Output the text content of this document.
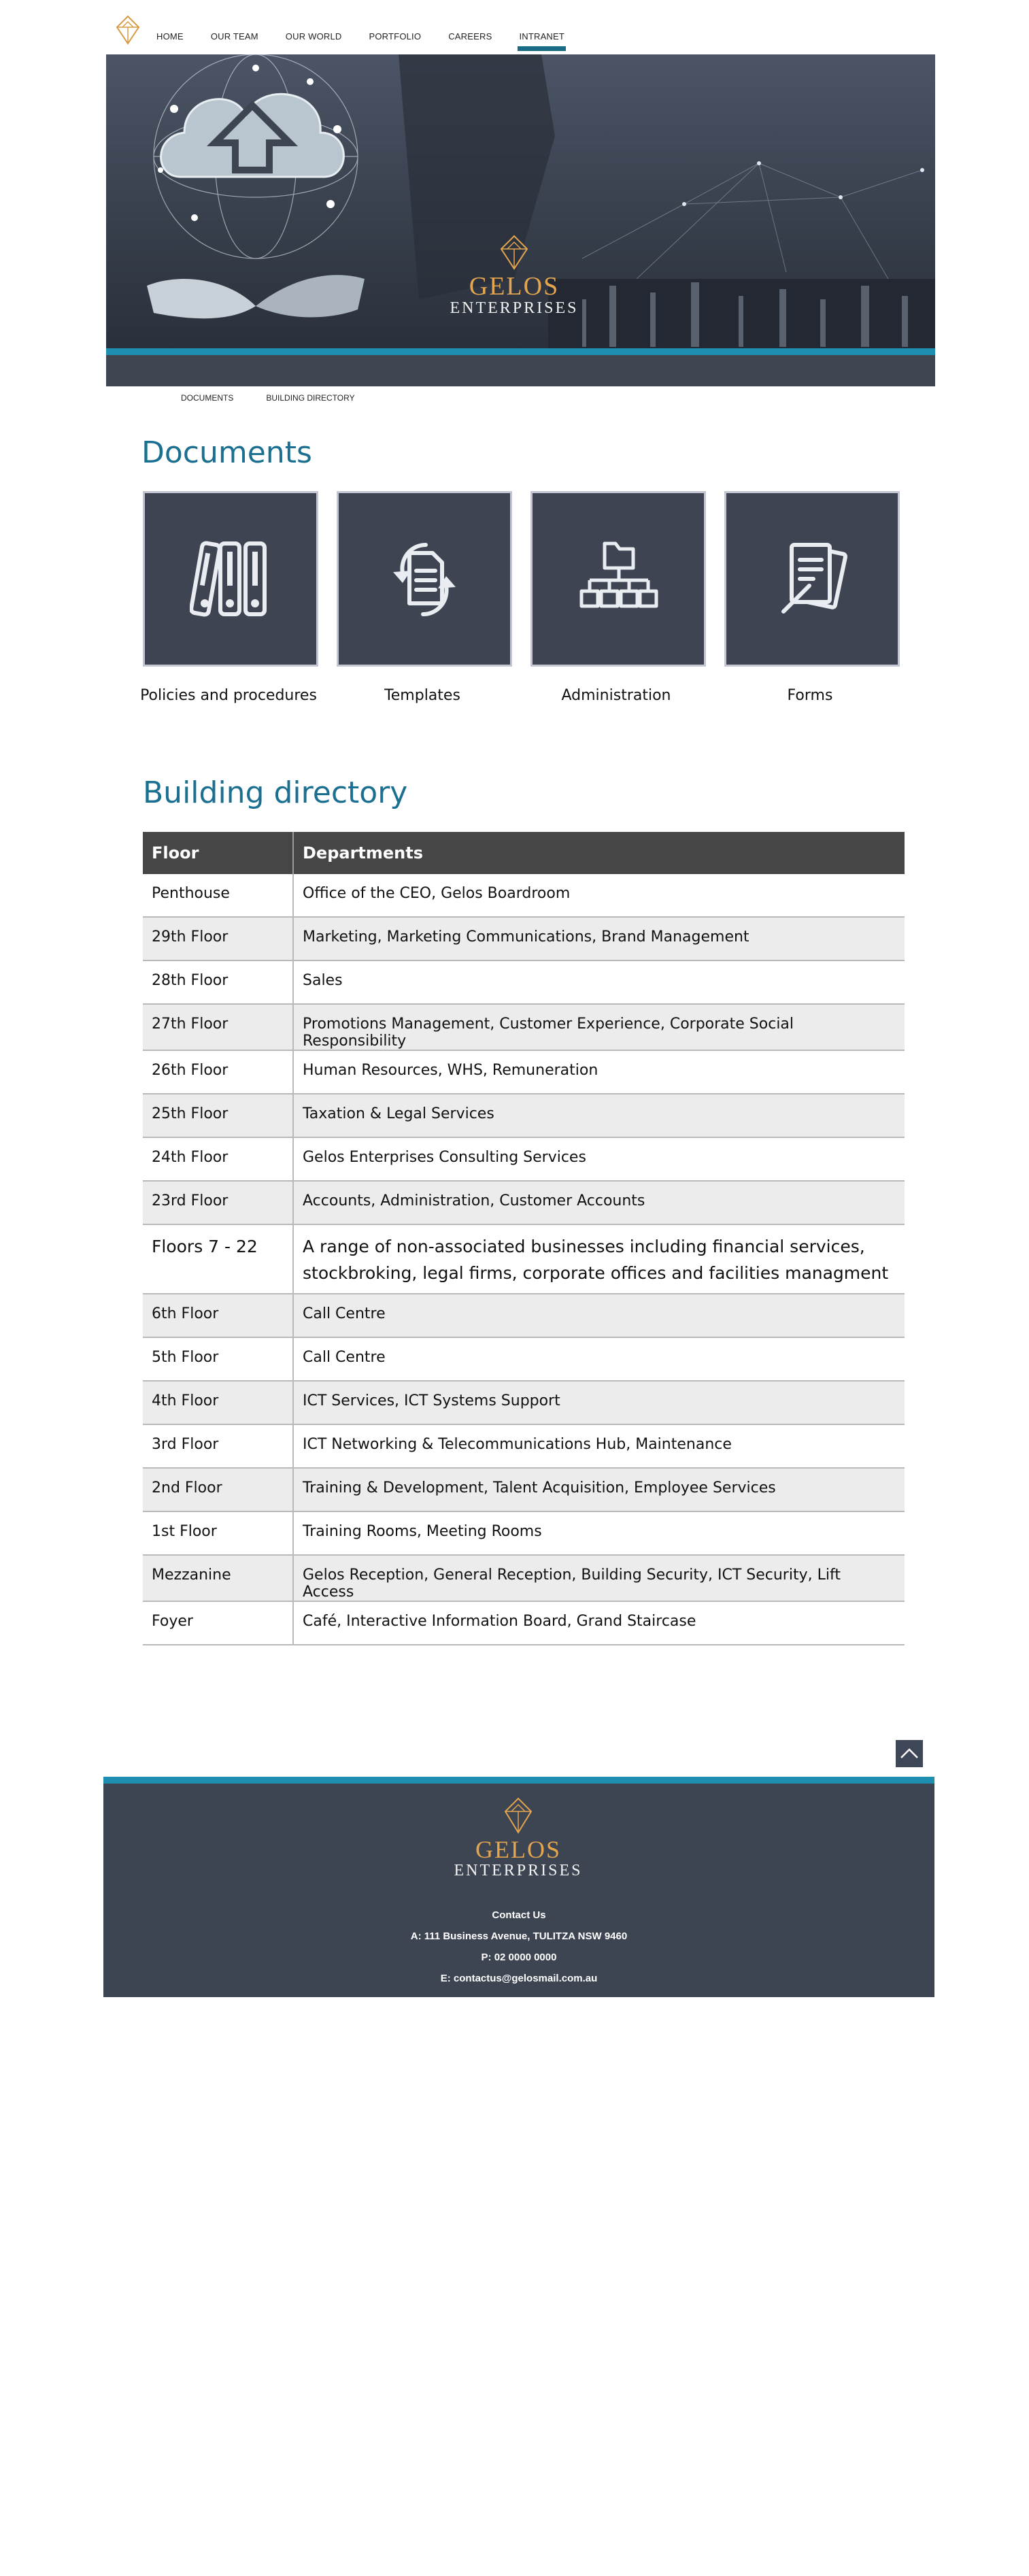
HOME	OUR TEAM	OUR WORLD	PORTFOLIO	CAREERS	INTRANET
GELOS
ENTERPRISES
DOCUMENTS	BUILDING DIRECTORY
Documents
Policies and procedures	Templates	Administration	Forms
Building directory
Floor	Departments
Penthouse	Office of the CEO, Gelos Boardroom
29th Floor	Marketing, Marketing Communications, Brand Management
28th Floor	Sales
27th Floor	Promotions Management, Customer Experience, Corporate Social Responsibility
26th Floor	Human Resources, WHS, Remuneration
25th Floor	Taxation & Legal Services
24th Floor	Gelos Enterprises Consulting Services
23rd Floor	Accounts, Administration, Customer Accounts
Floors 7 - 22	A range of non-associated businesses including financial services, stockbroking, legal firms, corporate offices and facilities managment
6th Floor	Call Centre
5th Floor	Call Centre
4th Floor	ICT Services, ICT Systems Support
3rd Floor	ICT Networking & Telecommunications Hub, Maintenance
2nd Floor	Training & Development, Talent Acquisition, Employee Services
1st Floor	Training Rooms, Meeting Rooms
Mezzanine	Gelos Reception, General Reception, Building Security, ICT Security, Lift Access
Foyer	Café, Interactive Information Board, Grand Staircase
GELOS
ENTERPRISES
Contact Us
A: 111 Business Avenue, TULITZA NSW 9460
P: 02 0000 0000
E: contactus@gelosmail.com.au
